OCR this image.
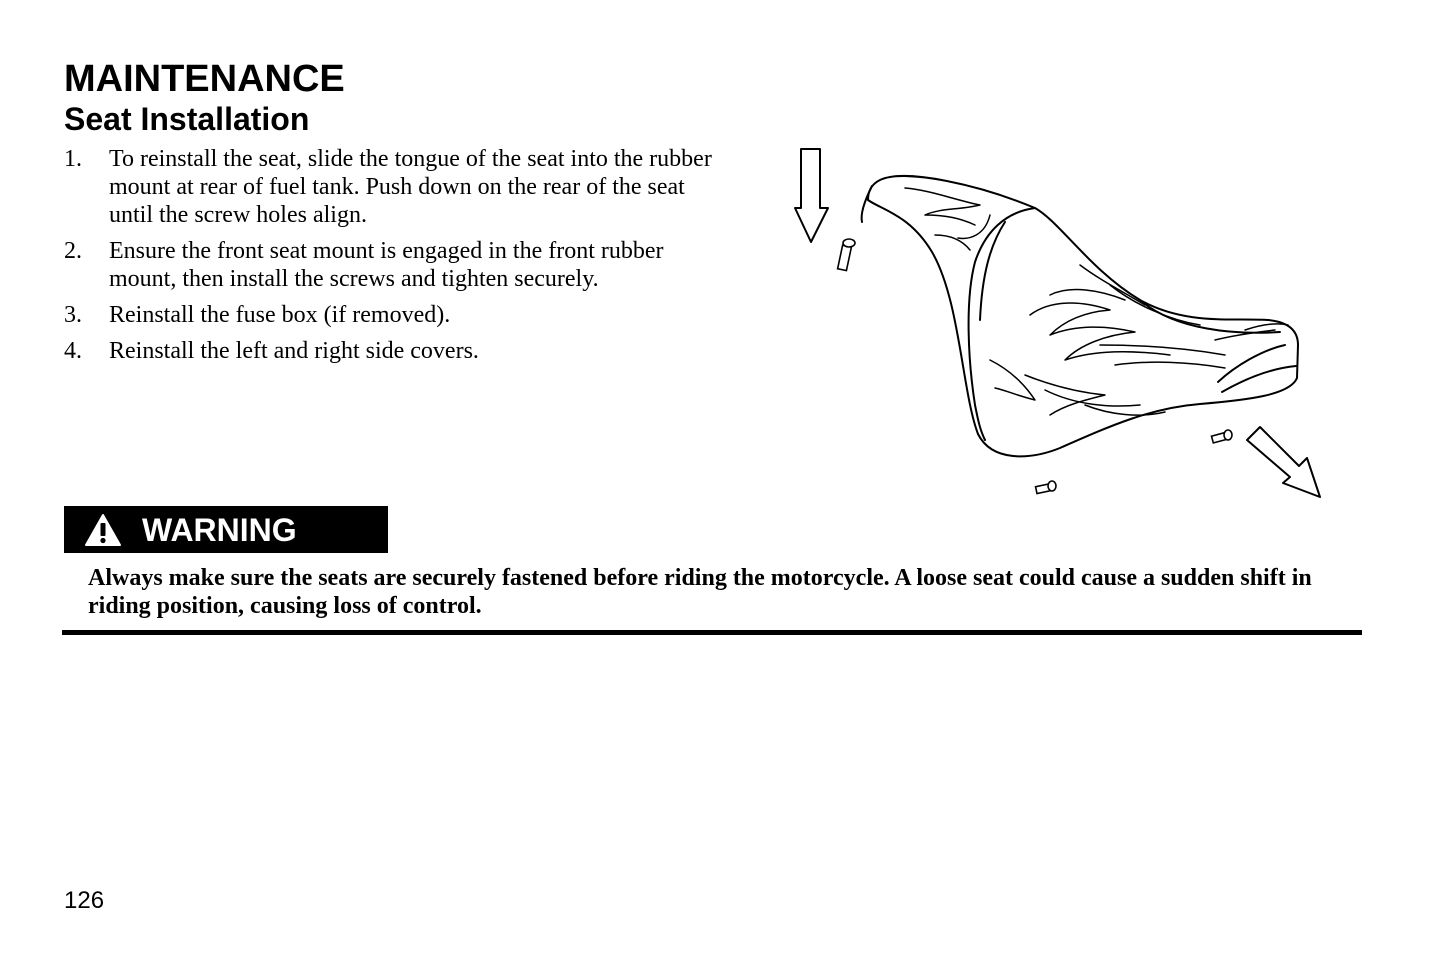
MAINTENANCE
Seat Installation
1.	To reinstall the seat, slide the tongue of the seat into the rubber mount at rear of fuel tank. Push down on the rear of the seat until the screw holes align.
2.	Ensure the front seat mount is engaged in the front rubber mount, then install the screws and tighten securely.
3.	Reinstall the fuse box (if removed).
4.	Reinstall the left and right side covers.
WARNING

Always make sure the seats are securely fastened before riding the motorcycle. A loose seat could cause a sudden shift in riding position, causing loss of control.

126
